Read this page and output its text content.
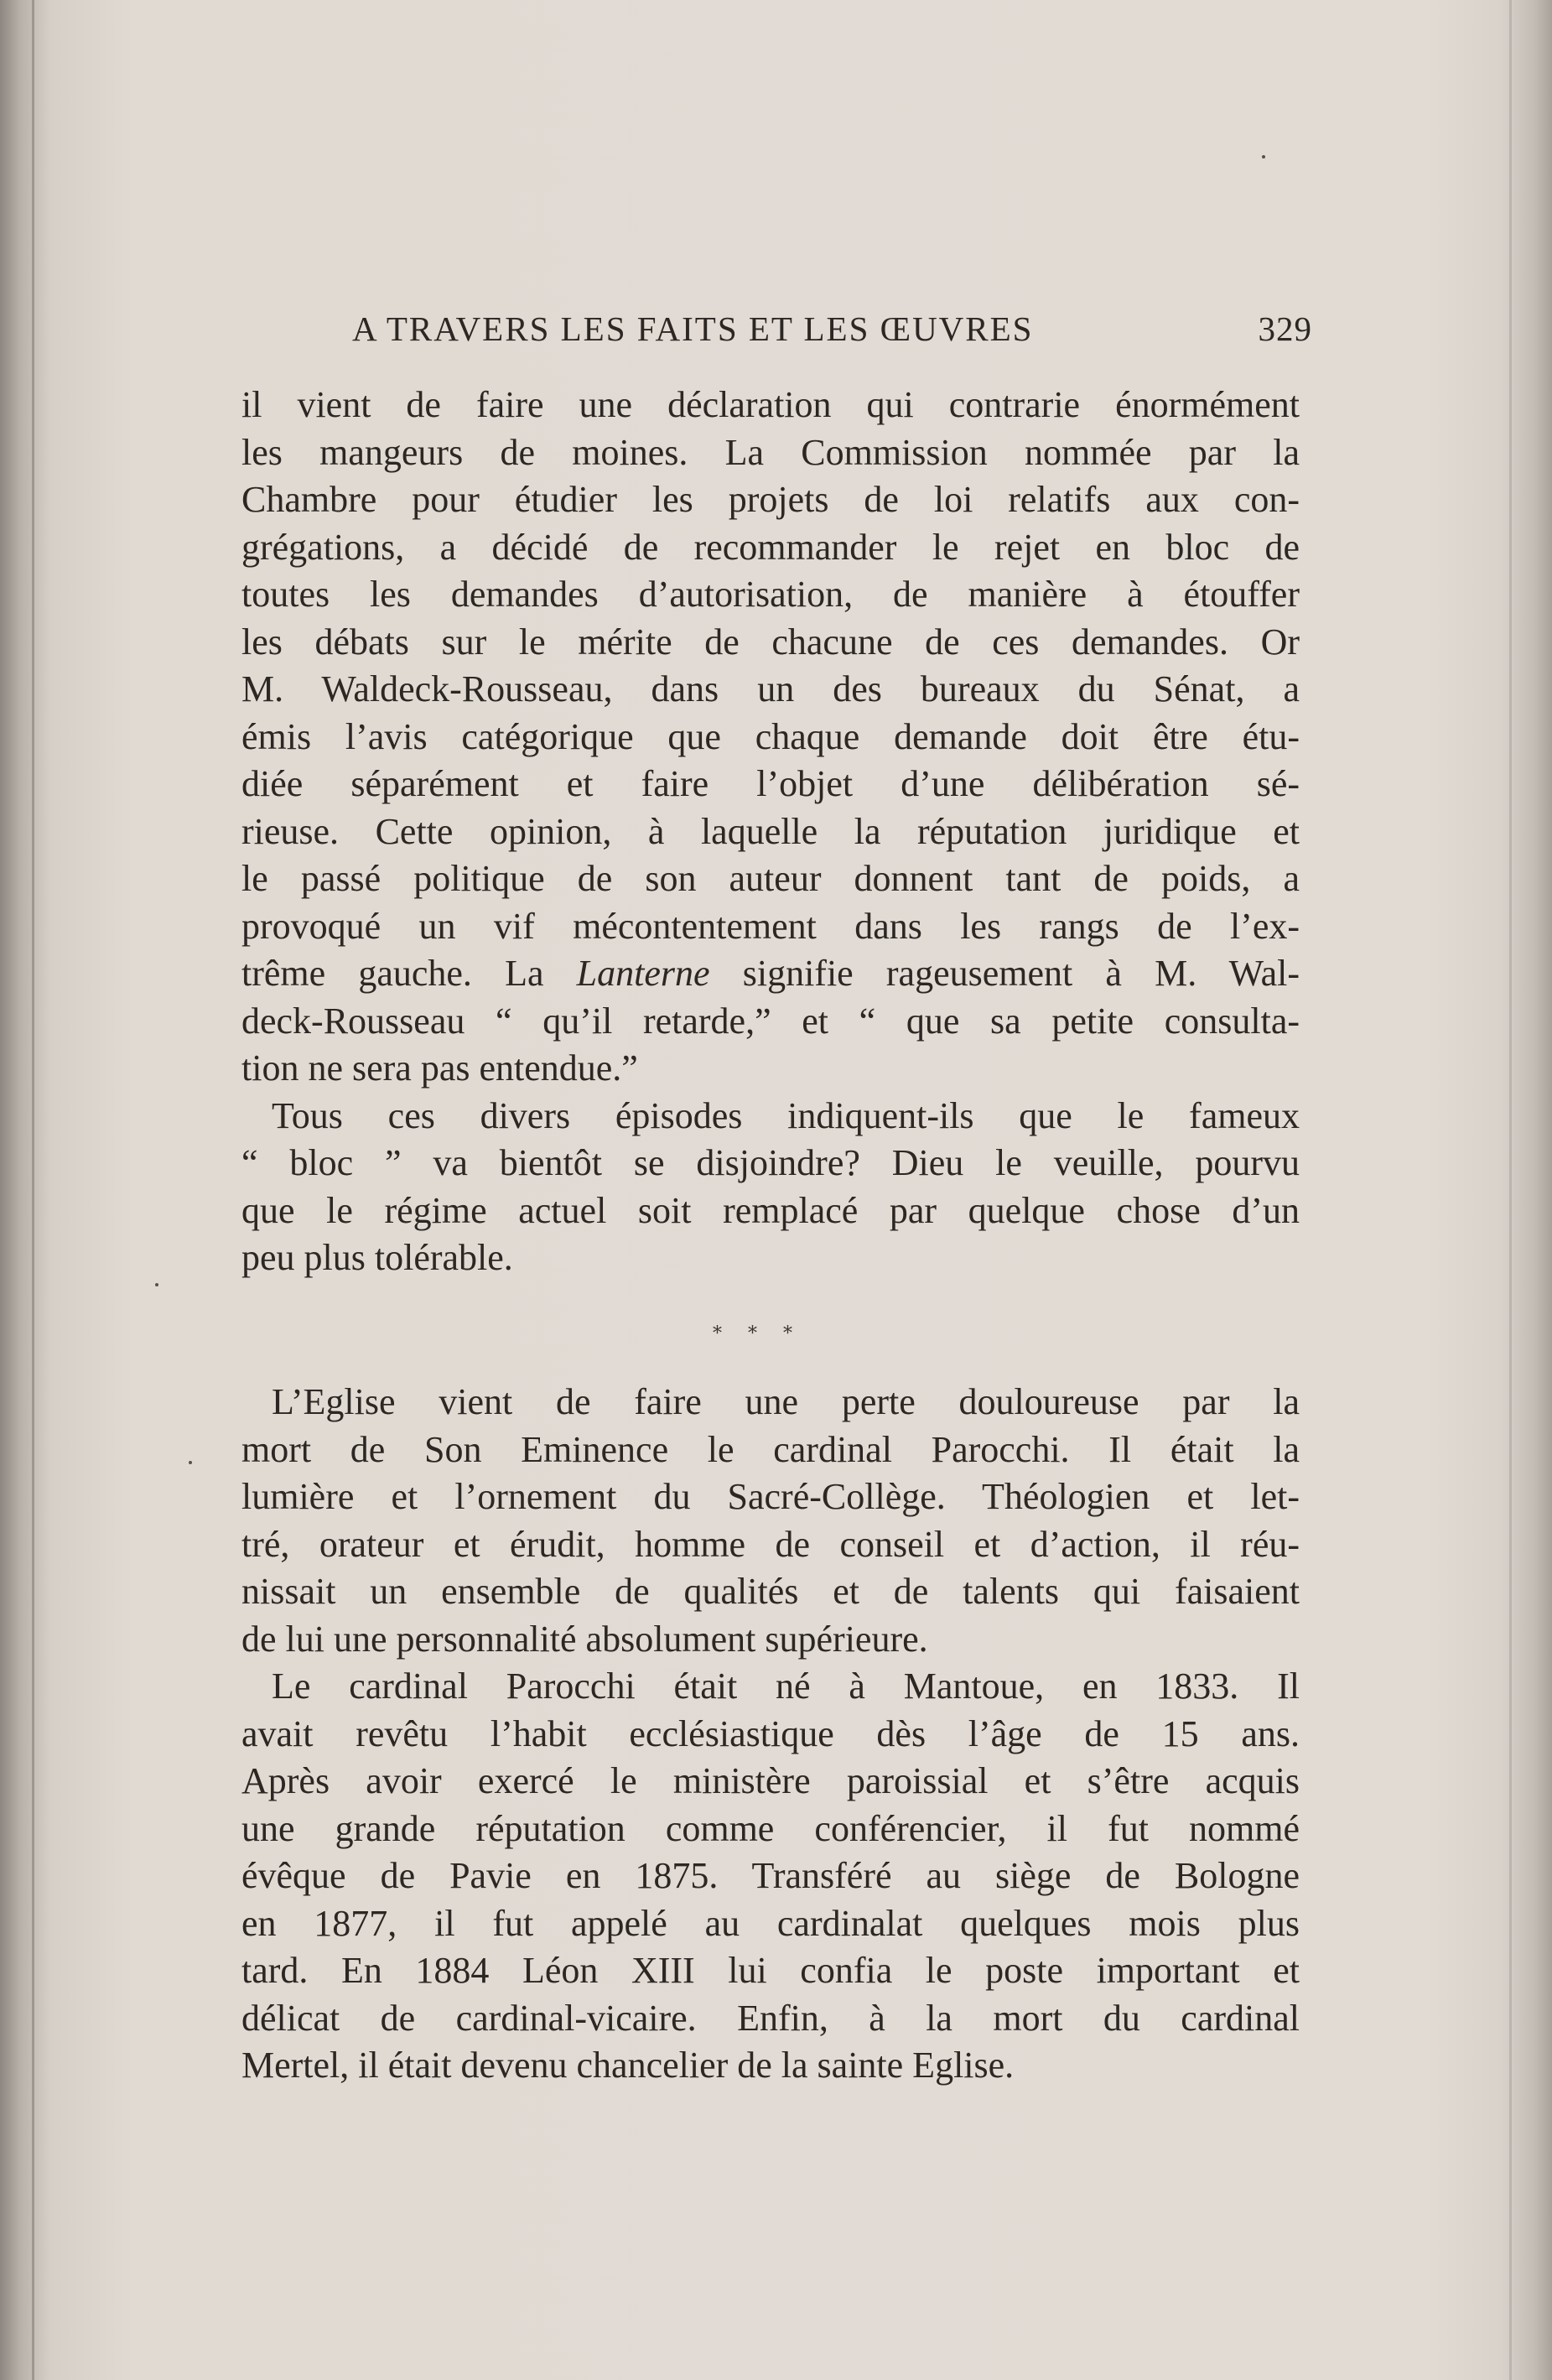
A TRAVERS LES FAITS ET LES ŒUVRES	329

il vient de faire une déclaration qui contrarie énormément
les mangeurs de moines. La Commission nommée par la
Chambre pour étudier les projets de loi relatifs aux con-
grégations, a décidé de recommander le rejet en bloc de
toutes les demandes d’autorisation, de manière à étouffer
les débats sur le mérite de chacune de ces demandes. Or
M. Waldeck-Rousseau, dans un des bureaux du Sénat, a
émis l’avis catégorique que chaque demande doit être étu-
diée séparément et faire l’objet d’une délibération sé-
rieuse. Cette opinion, à laquelle la réputation juridique et
le passé politique de son auteur donnent tant de poids, a
provoqué un vif mécontentement dans les rangs de l’ex-
trême gauche. La Lanterne signifie rageusement à M. Wal-
deck-Rousseau “ qu’il retarde,” et “ que sa petite consulta-
tion ne sera pas entendue.”

Tous ces divers épisodes indiquent-ils que le fameux
“ bloc ” va bientôt se disjoindre? Dieu le veuille, pourvu
que le régime actuel soit remplacé par quelque chose d’un
peu plus tolérable.

* * *

L’Eglise vient de faire une perte douloureuse par la
mort de Son Eminence le cardinal Parocchi. Il était la
lumière et l’ornement du Sacré-Collège. Théologien et let-
tré, orateur et érudit, homme de conseil et d’action, il réu-
nissait un ensemble de qualités et de talents qui faisaient
de lui une personnalité absolument supérieure.

Le cardinal Parocchi était né à Mantoue, en 1833. Il
avait revêtu l’habit ecclésiastique dès l’âge de 15 ans.
Après avoir exercé le ministère paroissial et s’être acquis
une grande réputation comme conférencier, il fut nommé
évêque de Pavie en 1875. Transféré au siège de Bologne
en 1877, il fut appelé au cardinalat quelques mois plus
tard. En 1884 Léon XIII lui confia le poste important et
délicat de cardinal-vicaire. Enfin, à la mort du cardinal
Mertel, il était devenu chancelier de la sainte Eglise.
